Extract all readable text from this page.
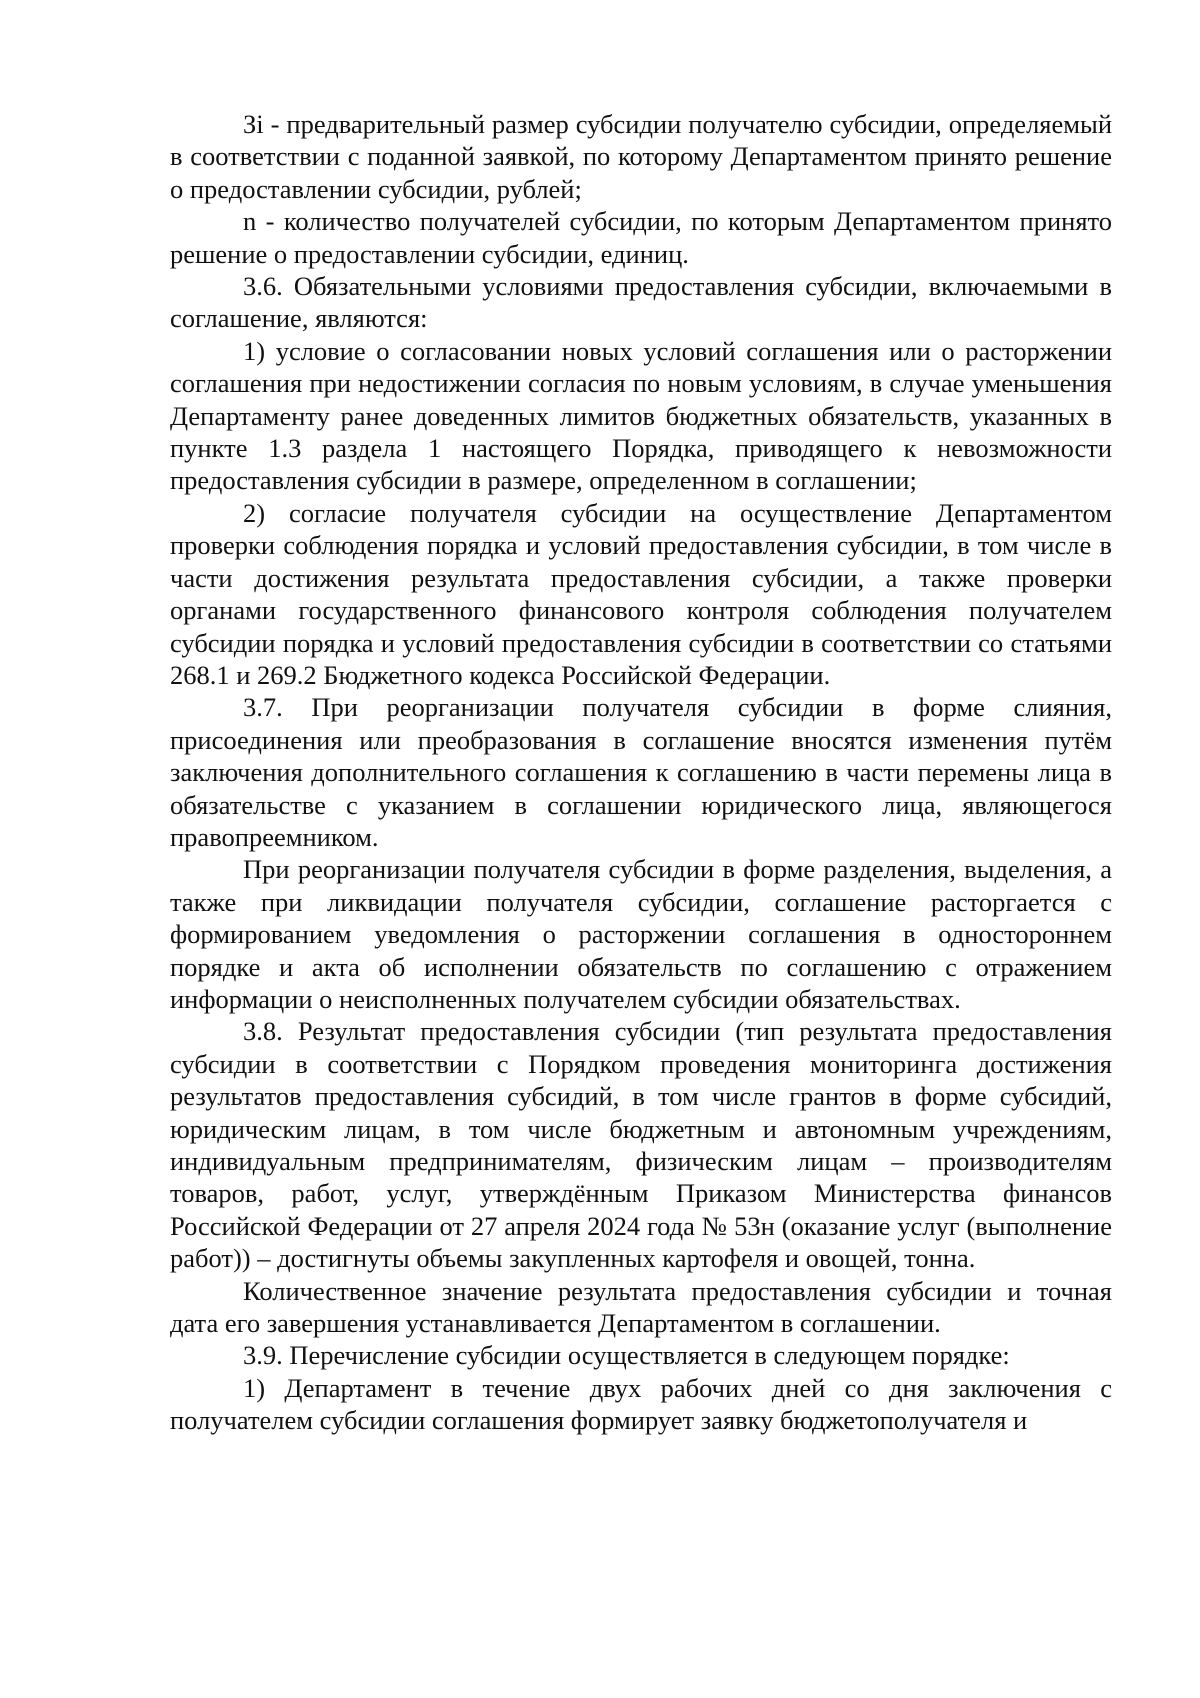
Зi - предварительный размер субсидии получателю субсидии, определяемый в соответствии с поданной заявкой, по которому Департаментом принято решение о предоставлении субсидии, рублей;

n - количество получателей субсидии, по которым Департаментом принято решение о предоставлении субсидии, единиц.

3.6. Обязательными условиями предоставления субсидии, включаемыми в соглашение, являются:

1) условие о согласовании новых условий соглашения или о расторжении соглашения при недостижении согласия по новым условиям, в случае уменьшения Департаменту ранее доведенных лимитов бюджетных обязательств, указанных в пункте 1.3 раздела 1 настоящего Порядка, приводящего к невозможности предоставления субсидии в размере, определенном в соглашении;

2) согласие получателя субсидии на осуществление Департаментом проверки соблюдения порядка и условий предоставления субсидии, в том числе в части достижения результата предоставления субсидии, а также проверки органами государственного финансового контроля соблюдения получателем субсидии порядка и условий предоставления субсидии в соответствии со статьями 268.1 и 269.2 Бюджетного кодекса Российской Федерации.

3.7. При реорганизации получателя субсидии в форме слияния, присоединения или преобразования в соглашение вносятся изменения путём заключения дополнительного соглашения к соглашению в части перемены лица в обязательстве с указанием в соглашении юридического лица, являющегося правопреемником.

При реорганизации получателя субсидии в форме разделения, выделения, а также при ликвидации получателя субсидии, соглашение расторгается с формированием уведомления о расторжении соглашения в одностороннем порядке и акта об исполнении обязательств по соглашению с отражением информации о неисполненных получателем субсидии обязательствах.

3.8. Результат предоставления субсидии (тип результата предоставления субсидии в соответствии с Порядком проведения мониторинга достижения результатов предоставления субсидий, в том числе грантов в форме субсидий, юридическим лицам, в том числе бюджетным и автономным учреждениям, индивидуальным предпринимателям, физическим лицам – производителям товаров, работ, услуг, утверждённым Приказом Министерства финансов Российской Федерации от 27 апреля 2024 года № 53н (оказание услуг (выполнение работ)) – достигнуты объемы закупленных картофеля и овощей, тонна.

Количественное значение результата предоставления субсидии и точная дата его завершения устанавливается Департаментом в соглашении.

3.9. Перечисление субсидии осуществляется в следующем порядке:

1) Департамент в течение двух рабочих дней со дня заключения с получателем субсидии соглашения формирует заявку бюджетополучателя и
